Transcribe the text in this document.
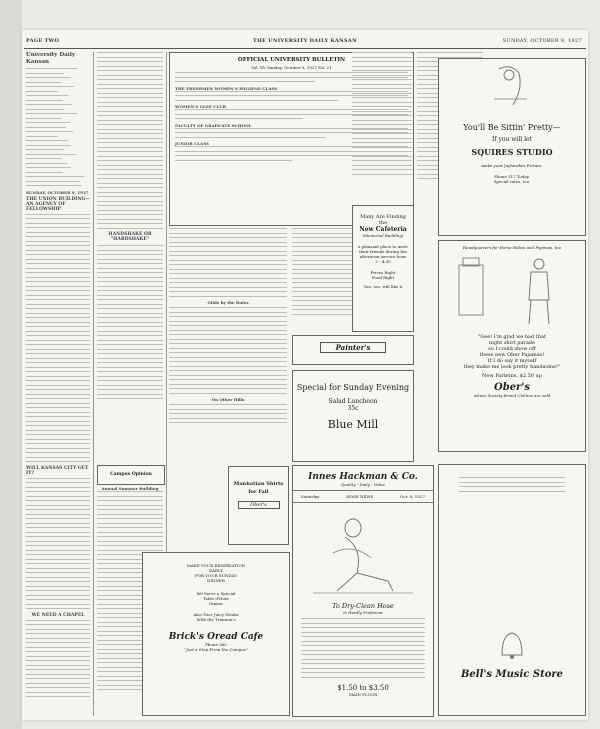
PAGE TWO	THE UNIVERSITY DAILY KANSAN	SUNDAY, OCTOBER 9, 1927
University Daily Kansan
SUNDAY, OCTOBER 9, 1927
THE UNION BUILDING—AN AGENCY OF FELLOWSHIP
WILL KANSAS CITY GET IT?
WE NEED A CHAPEL
HANDSHAKE OR "HARDSHAKE"
Campus Opinion
Annual Summer Building
OFFICIAL UNIVERSITY BULLETIN
Vol. XV Sunday, October 9, 1927 No. 21
THE FRESHMEN WOMEN'S HYGIENE CLASS
WOMEN'S GLEE CLUB
FACULTY OF GRADUATE SCHOOL
JUNIOR CLASS
Glide by the Rules
On Other Hills
Manhattan Shirts
for Fall
Ober's
MAKE YOUR RESERVATION
EARLY
FOR YOUR SUNDAY
DINNER
We Serve a Special
Table d'Hote
Dinner
Also Nice Juicy Steaks
With the Trimmin's
Brick's Oread Cafe
Phone 360
"Just a Step From the Campus"
Many Are Finding
the
New Cafeteria
(Memorial Building)
a pleasant place to meet
their friends during the
afternoon service hour
2 - 4:30
Prices Right
Food Right
You, too, will like it
Painter's
Special for Sunday Evening
Salad Luncheon
35c
Blue Mill
Innes Hackman & Co.
Quality - Daily - Value
Saturday	HOSE NEWS	Oct. 8, 1927
To Dry-Clean Hose
Is Hardly Proficient
$1.50 to $3.50
MAIN FLOOR
You'll Be Sittin' Pretty—
If you will let
SQUIRES STUDIO
make your Jayhawker Picture.
Phone 517 Today.
Special rates, too.
Headquarters for Horse Robes and Pajamas, too
"Gee! I'm glad we had that
night shirt parade
so I could show off
these new Ober Pajamas!
If I do say it myself
they make me look pretty handsome!"
New Patterns, $2.50 up
Ober's
where Society Brand Clothes are sold
Bell's Music Store
